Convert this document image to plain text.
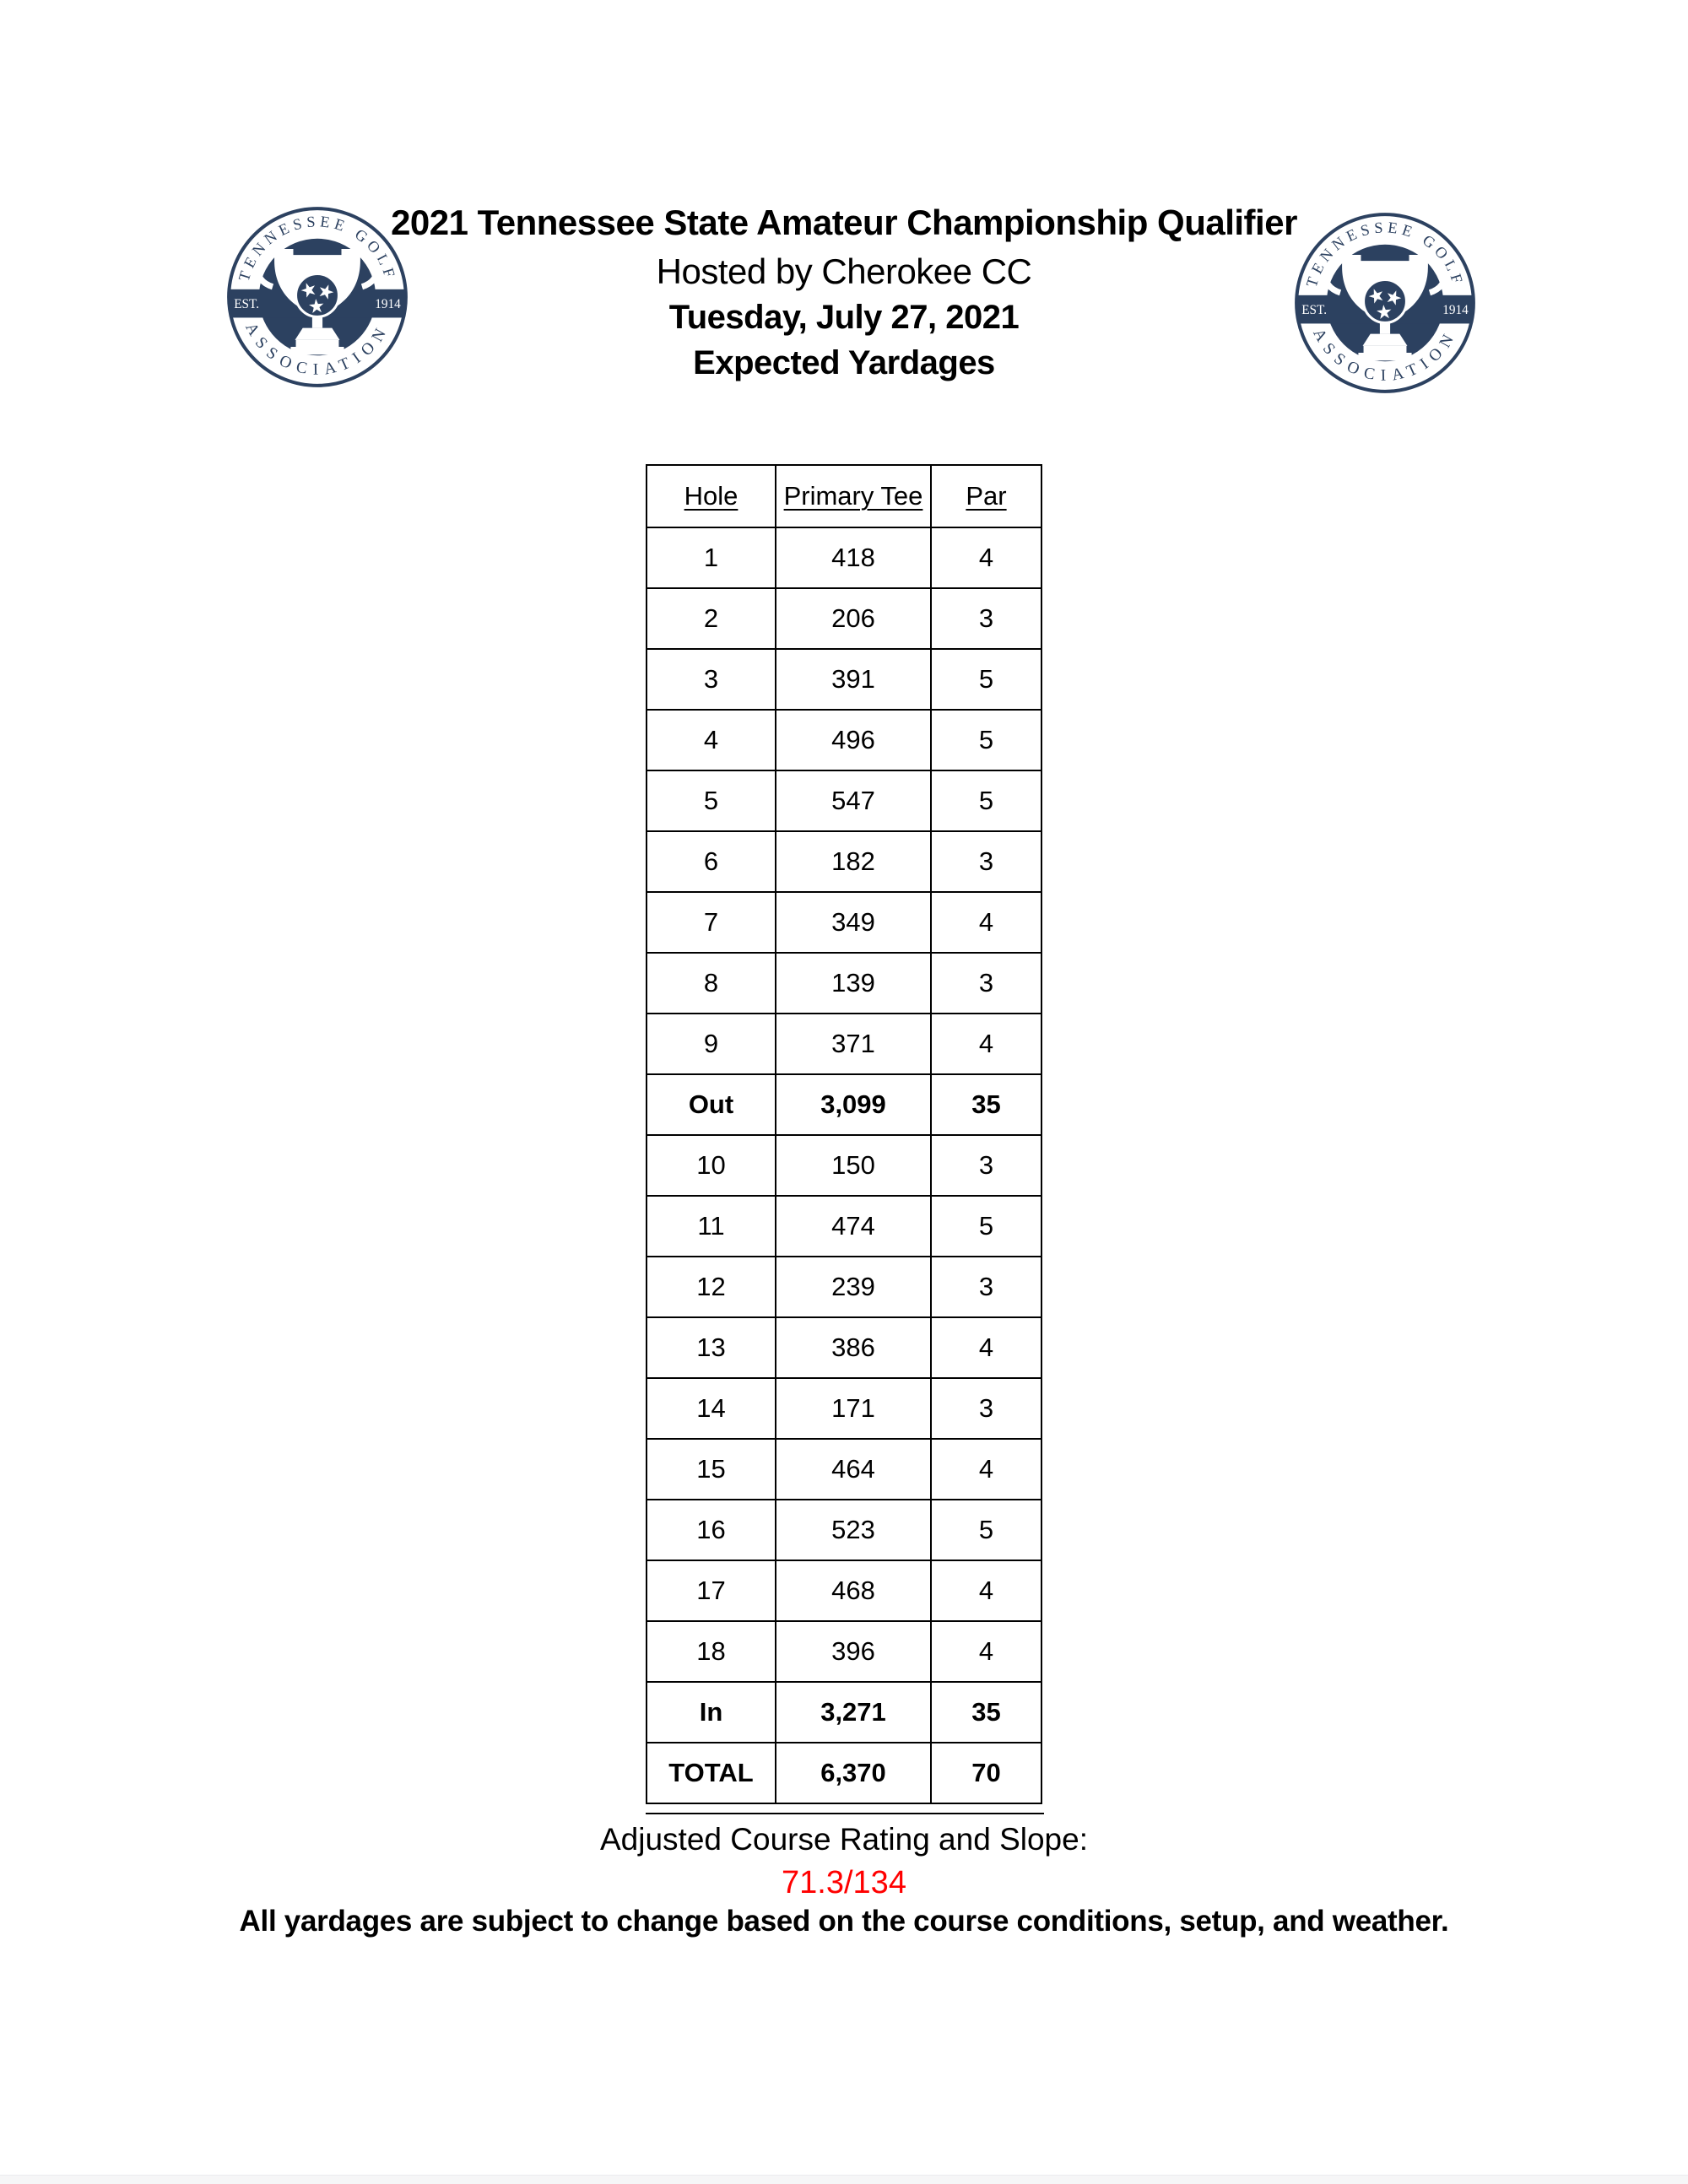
2021 Tennessee State Amateur Championship Qualifier
Hosted by Cherokee CC
Tuesday, July 27, 2021
Expected Yardages
Hole	Primary Tee	Par
1	418	4
2	206	3
3	391	5
4	496	5
5	547	5
6	182	3
7	349	4
8	139	3
9	371	4
Out	3,099	35
10	150	3
11	474	5
12	239	3
13	386	4
14	171	3
15	464	4
16	523	5
17	468	4
18	396	4
In	3,271	35
TOTAL	6,370	70
Adjusted Course Rating and Slope:
71.3/134
All yardages are subject to change based on the course conditions, setup, and weather.
